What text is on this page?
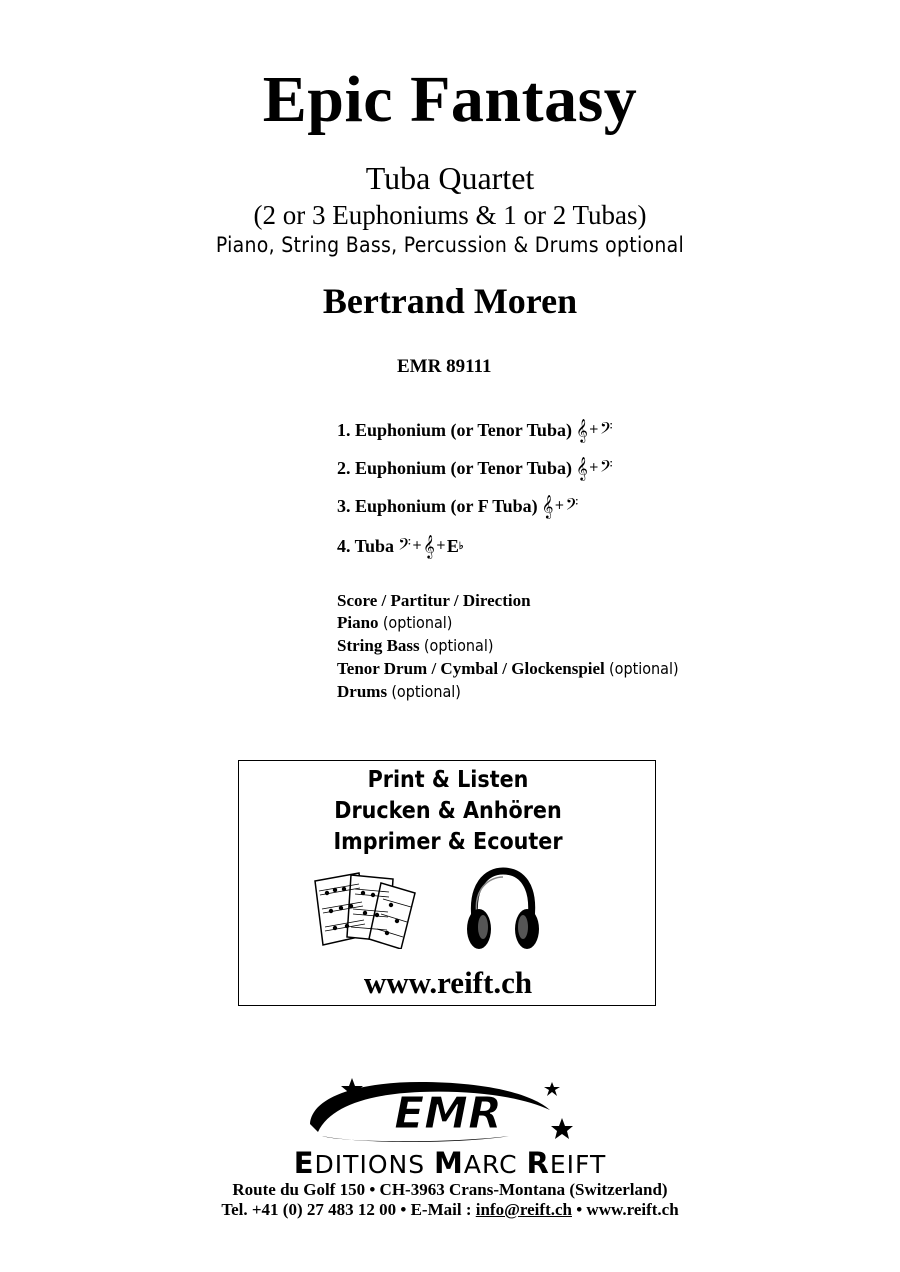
Epic Fantasy
Tuba Quartet
(2 or 3 Euphoniums & 1 or 2 Tubas)
Piano, String Bass, Percussion & Drums optional
Bertrand Moren
EMR 89111
1. Euphonium (or Tenor Tuba) 𝄞+𝄢
2. Euphonium (or Tenor Tuba) 𝄞+𝄢
3. Euphonium (or F Tuba) 𝄞+𝄢
4. Tuba 𝄢+𝄞+ E ♭
Score / Partitur / Direction
Piano (optional)
String Bass (optional)
Tenor Drum / Cymbal / Glockenspiel (optional)
Drums (optional)
Print & Listen
Drucken & Anhören
Imprimer & Ecouter
www.reift.ch
EMR
EDITIONS MARC REIFT
Route du Golf 150 • CH-3963 Crans-Montana (Switzerland)
Tel. +41 (0) 27 483 12 00 • E-Mail : info@reift.ch • www.reift.ch
